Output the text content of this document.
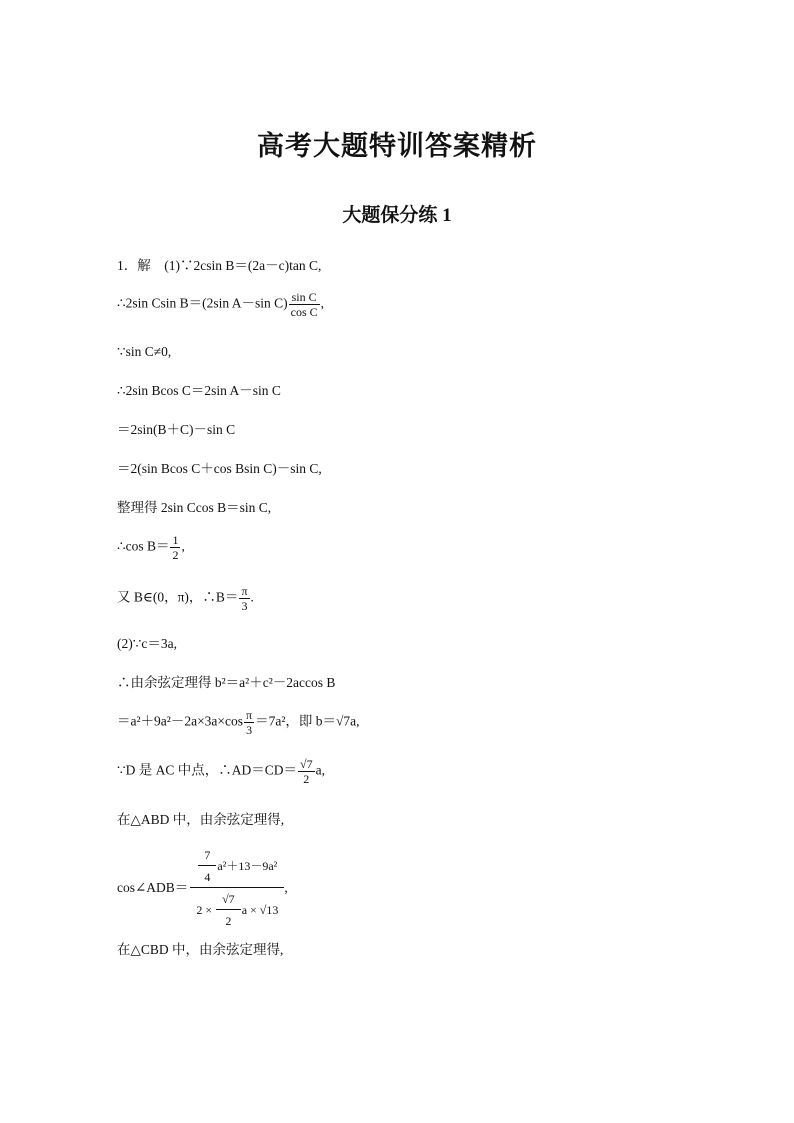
高考大题特训答案精析
大题保分练 1
1．解　(1)∵2csin B＝(2a－c)tan C,
∴2sin Csin B＝(2sin A－sin $C) \frac{\text{sin C}}{\text{cos C}}$ ,
∵sin C≠0,
∴2sin Bcos C＝2sin A－sin C
＝2sin(B＋C)－sin C
＝2(sin Bcos C＋cos Bsin C)－sin C,
整理得 2sin Ccos B＝sin C,
∴cos $B= \frac{1}{2}$ ,
又 B∈(0，π)，∴B＝ $\frac{\pi}{3}$ .
(2)∵c＝3a,
∴由余弦定理得 b²＝a²＋c²－2accos B
$=a^2+9a^2-2a\times 3a\times\cos \frac{\pi}{3} =7a^2$，即 b＝√7a,
∵D 是 AC 中点，∴AD＝CD＝ $\frac{√7}{2} a$,
在△ABD 中，由余弦定理得,
cos∠ADB＝ $\frac{\frac{7}{4} a^2+13-9a^2}{2 \times \frac{√7}{2} a \times √13}$ ,
在△CBD 中，由余弦定理得,
